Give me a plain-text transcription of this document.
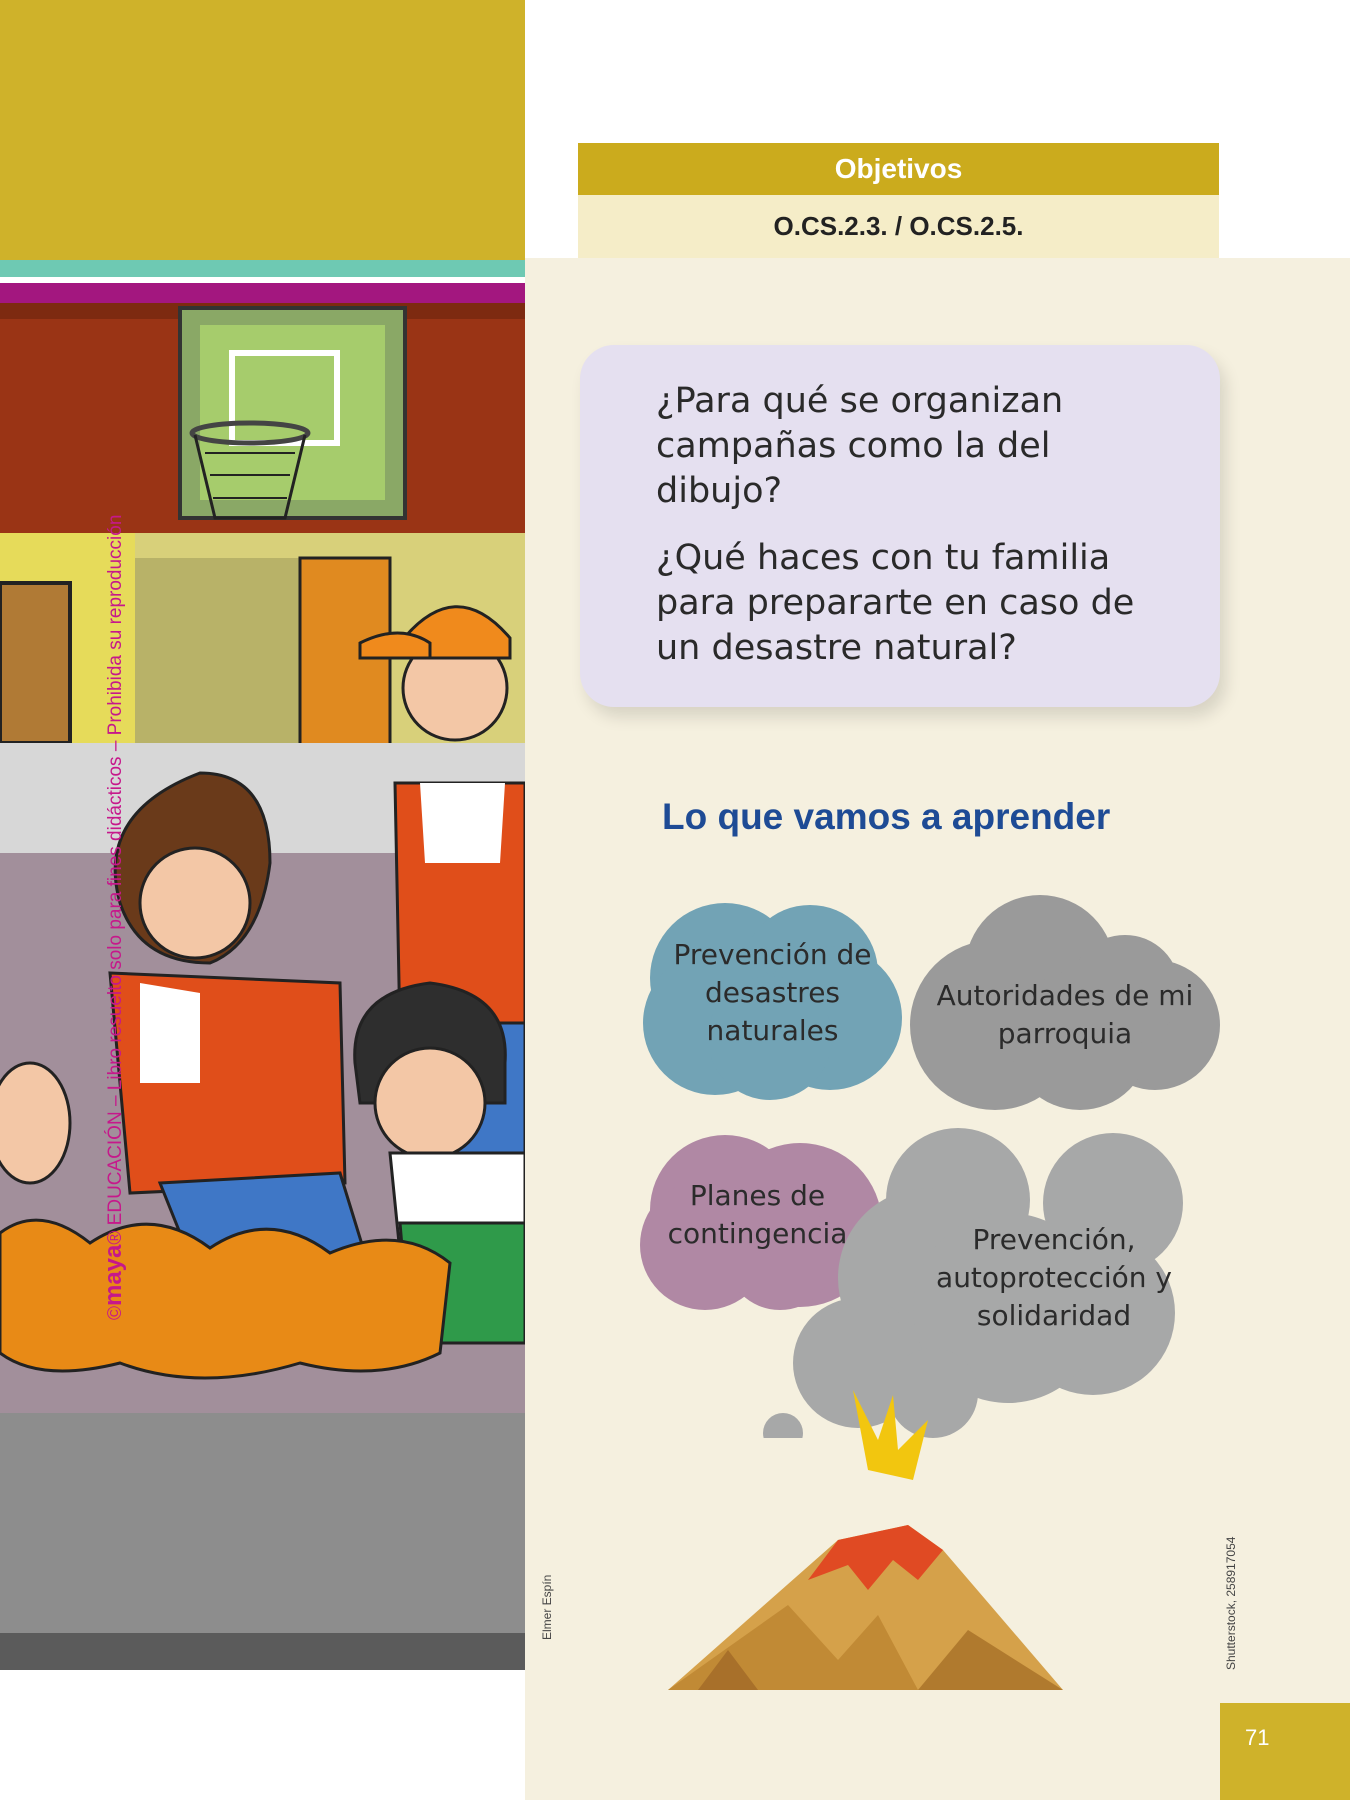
©maya® EDUCACIÓN – Libro resuelto solo para fines didácticos – Prohibida su reproducción
Objetivos
O.CS.2.3. / O.CS.2.5.

¿Para qué se organizan campañas como la del dibujo?

¿Qué haces con tu familia para prepararte en caso de un desastre natural?

Lo que vamos a aprender
Prevención de desastres naturales
Autoridades de mi parroquia
Planes de contingencia	Prevención, autoprotección y solidaridad
Elmer Espín	Shutterstock, 258917054
71
